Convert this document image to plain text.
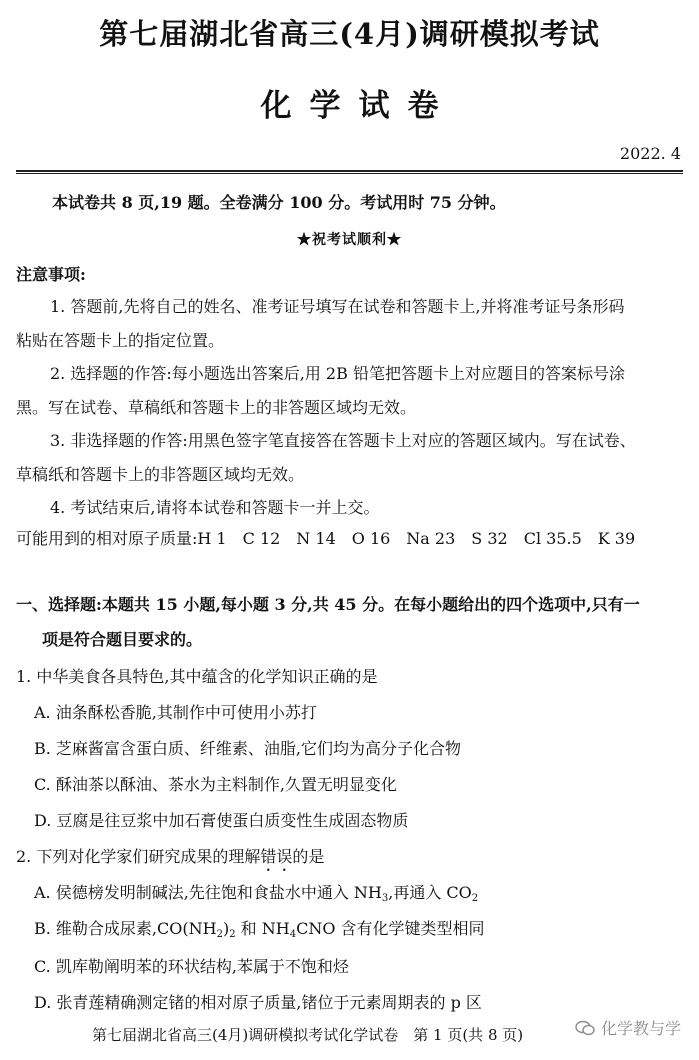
第七届湖北省高三(4月)调研模拟考试
化学试卷
2022. 4
本试卷共 8 页,19 题。全卷满分 100 分。考试用时 75 分钟。
★祝考试顺利★
注意事项:
1. 答题前,先将自己的姓名、准考证号填写在试卷和答题卡上,并将准考证号条形码
粘贴在答题卡上的指定位置。
2. 选择题的作答:每小题选出答案后,用 2B 铅笔把答题卡上对应题目的答案标号涂
黑。写在试卷、草稿纸和答题卡上的非答题区域均无效。
3. 非选择题的作答:用黑色签字笔直接答在答题卡上对应的答题区域内。写在试卷、
草稿纸和答题卡上的非答题区域均无效。
4. 考试结束后,请将本试卷和答题卡一并上交。
可能用到的相对原子质量:H 1　C 12　N 14　O 16　Na 23　S 32　Cl 35.5　K 39
一、选择题:本题共 15 小题,每小题 3 分,共 45 分。在每小题给出的四个选项中,只有一
项是符合题目要求的。
1. 中华美食各具特色,其中蕴含的化学知识正确的是
A. 油条酥松香脆,其制作中可使用小苏打
B. 芝麻酱富含蛋白质、纤维素、油脂,它们均为高分子化合物
C. 酥油茶以酥油、茶水为主料制作,久置无明显变化
D. 豆腐是往豆浆中加石膏使蛋白质变性生成固态物质
2. 下列对化学家们研究成果的理解错误的是
A. 侯德榜发明制碱法,先往饱和食盐水中通入 $NH_3$,再通入 $CO_2$
B. 维勒合成尿素$,CO(NH_2)_2$ 和 $NH_4CNO$ 含有化学键类型相同
C. 凯库勒阐明苯的环状结构,苯属于不饱和烃
D. 张青莲精确测定锗的相对原子质量,锗位于元素周期表的 p 区
第七届湖北省高三(4月)调研模拟考试化学试卷　第 1 页(共 8 页)	化学教与学
